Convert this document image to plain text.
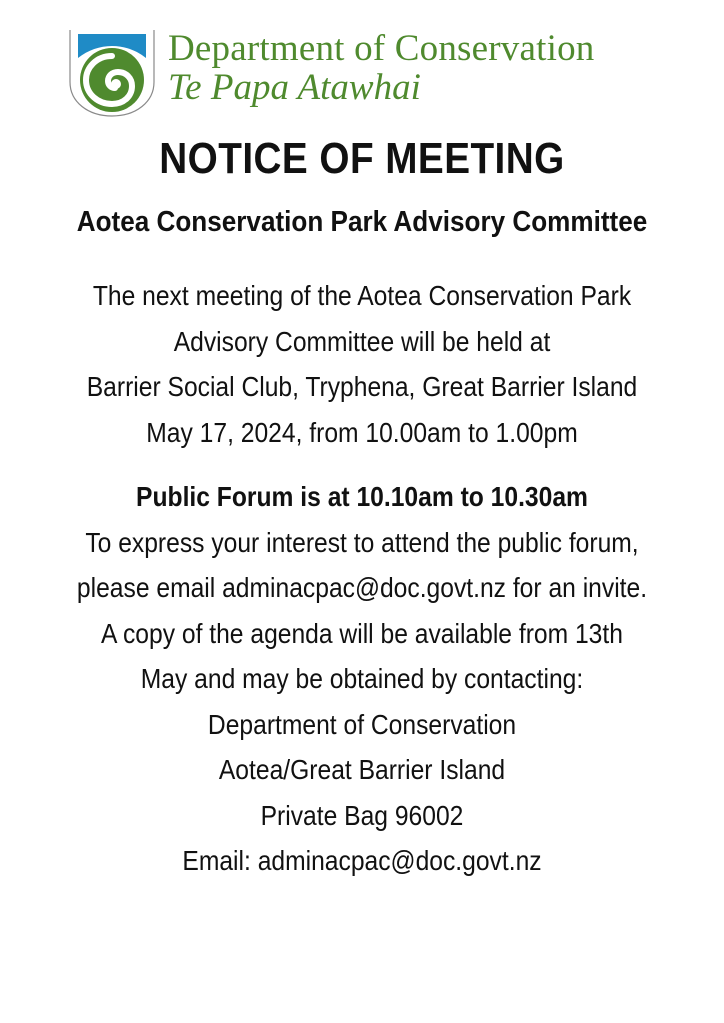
Department of Conservation
Te Papa Atawhai
NOTICE OF MEETING
Aotea Conservation Park Advisory Committee
The next meeting of the Aotea Conservation Park
Advisory Committee will be held at
Barrier Social Club, Tryphena, Great Barrier Island
May 17, 2024, from 10.00am to 1.00pm
Public Forum is at 10.10am to 10.30am
To express your interest to attend the public forum,
please email adminacpac@doc.govt.nz for an invite.
A copy of the agenda will be available from 13th
May and may be obtained by contacting:
Department of Conservation
Aotea/Great Barrier Island
Private Bag 96002
Email: adminacpac@doc.govt.nz
